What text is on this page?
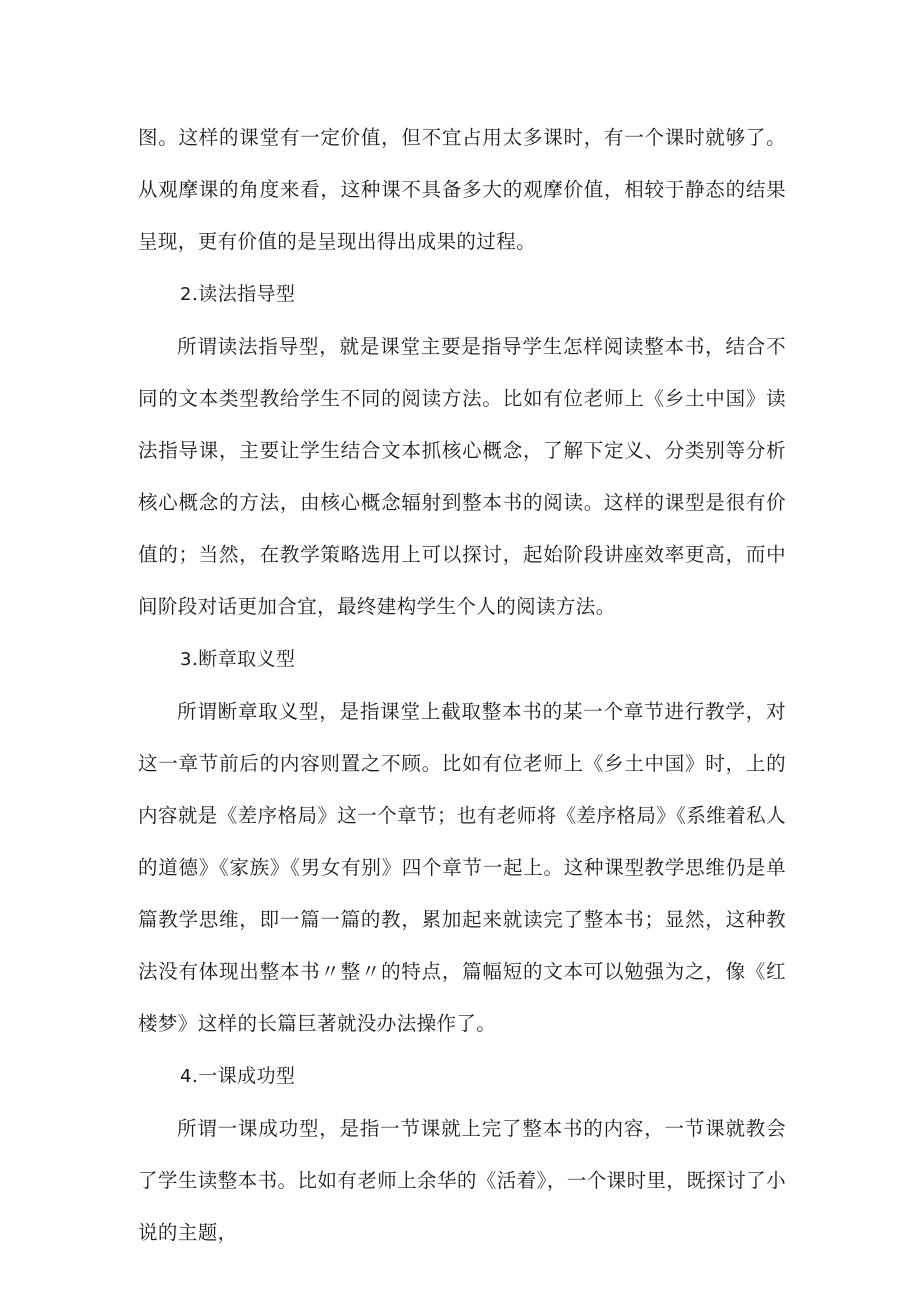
图。这样的课堂有一定价值，但不宜占用太多课时，有一个课时就够了。从观摩课的角度来看，这种课不具备多大的观摩价值，相较于静态的结果呈现，更有价值的是呈现出得出成果的过程。

2.读法指导型

所谓读法指导型，就是课堂主要是指导学生怎样阅读整本书，结合不同的文本类型教给学生不同的阅读方法。比如有位老师上《乡土中国》读法指导课，主要让学生结合文本抓核心概念，了解下定义、分类别等分析核心概念的方法，由核心概念辐射到整本书的阅读。这样的课型是很有价值的；当然，在教学策略选用上可以探讨，起始阶段讲座效率更高，而中间阶段对话更加合宜，最终建构学生个人的阅读方法。

3.断章取义型

所谓断章取义型，是指课堂上截取整本书的某一个章节进行教学，对这一章节前后的内容则置之不顾。比如有位老师上《乡土中国》时，上的内容就是《差序格局》这一个章节；也有老师将《差序格局》《系维着私人的道德》《家族》《男女有别》四个章节一起上。这种课型教学思维仍是单篇教学思维，即一篇一篇的教，累加起来就读完了整本书；显然，这种教法没有体现出整本书〃整〃的特点，篇幅短的文本可以勉强为之，像《红楼梦》这样的长篇巨著就没办法操作了。

4.一课成功型

所谓一课成功型，是指一节课就上完了整本书的内容，一节课就教会了学生读整本书。比如有老师上余华的《活着》，一个课时里，既探讨了小说的主题，
